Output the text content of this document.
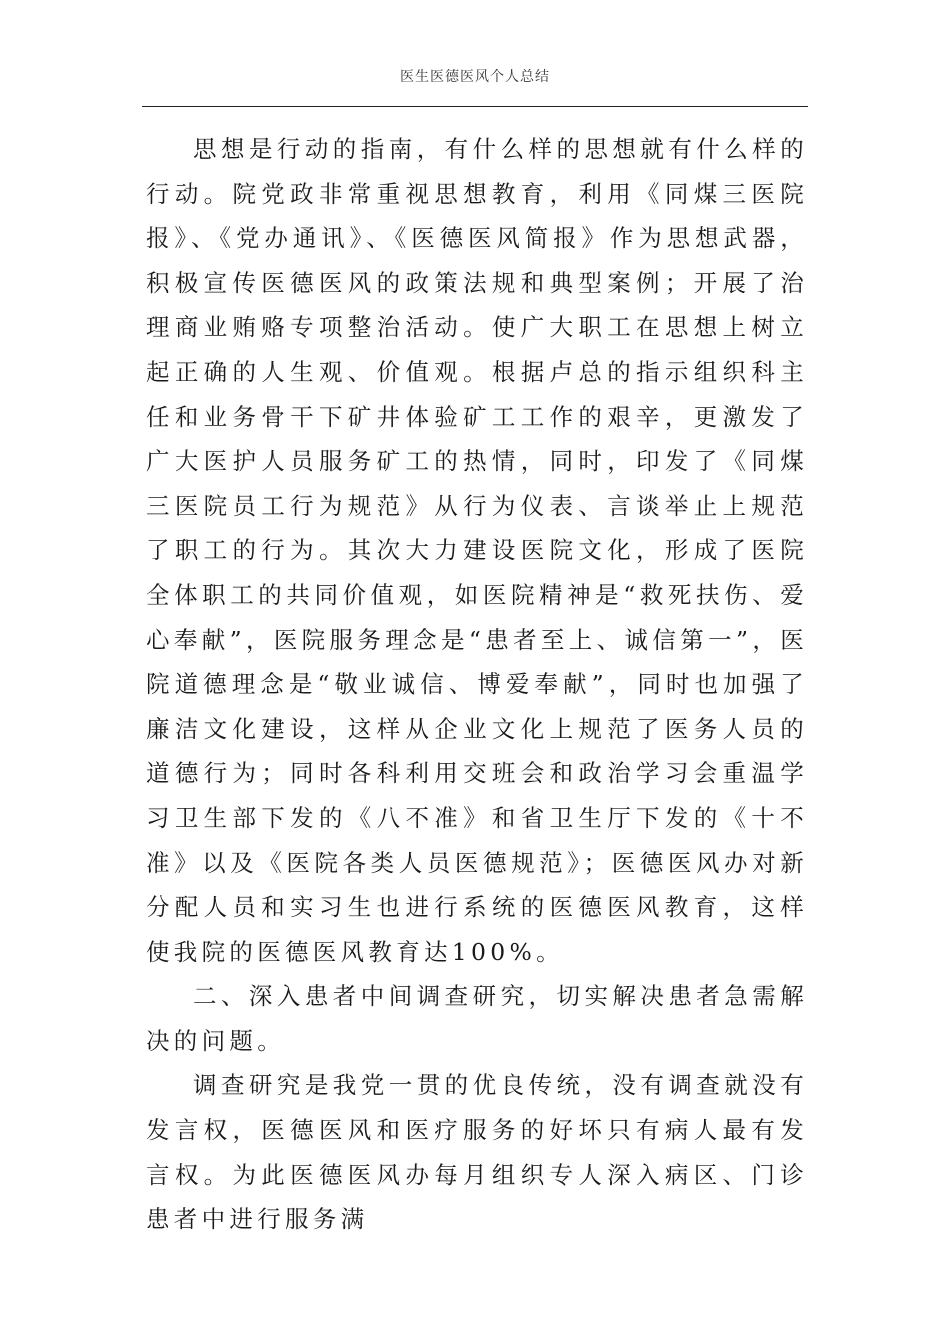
医生医德医风个人总结

思想是行动的指南，有什么样的思想就有什么样的行动。院党政非常重视思想教育，利用《同煤三医院报》、《党办通讯》、《医德医风简报》作为思想武器，积极宣传医德医风的政策法规和典型案例；开展了治理商业贿赂专项整治活动。使广大职工在思想上树立起正确的人生观、价值观。根据卢总的指示组织科主任和业务骨干下矿井体验矿工工作的艰辛，更激发了广大医护人员服务矿工的热情，同时，印发了《同煤三医院员工行为规范》从行为仪表、言谈举止上规范了职工的行为。其次大力建设医院文化，形成了医院全体职工的共同价值观，如医院精神是“救死扶伤、爱心奉献”，医院服务理念是“患者至上、诚信第一”，医院道德理念是“敬业诚信、博爱奉献”，同时也加强了廉洁文化建设，这样从企业文化上规范了医务人员的道德行为；同时各科利用交班会和政治学习会重温学习卫生部下发的《八不准》和省卫生厅下发的《十不准》以及《医院各类人员医德规范》；医德医风办对新分配人员和实习生也进行系统的医德医风教育，这样使我院的医德医风教育达100%。

二、深入患者中间调查研究，切实解决患者急需解决的问题。

调查研究是我党一贯的优良传统，没有调查就没有发言权，医德医风和医疗服务的好坏只有病人最有发言权。为此医德医风办每月组织专人深入病区、门诊患者中进行服务满
